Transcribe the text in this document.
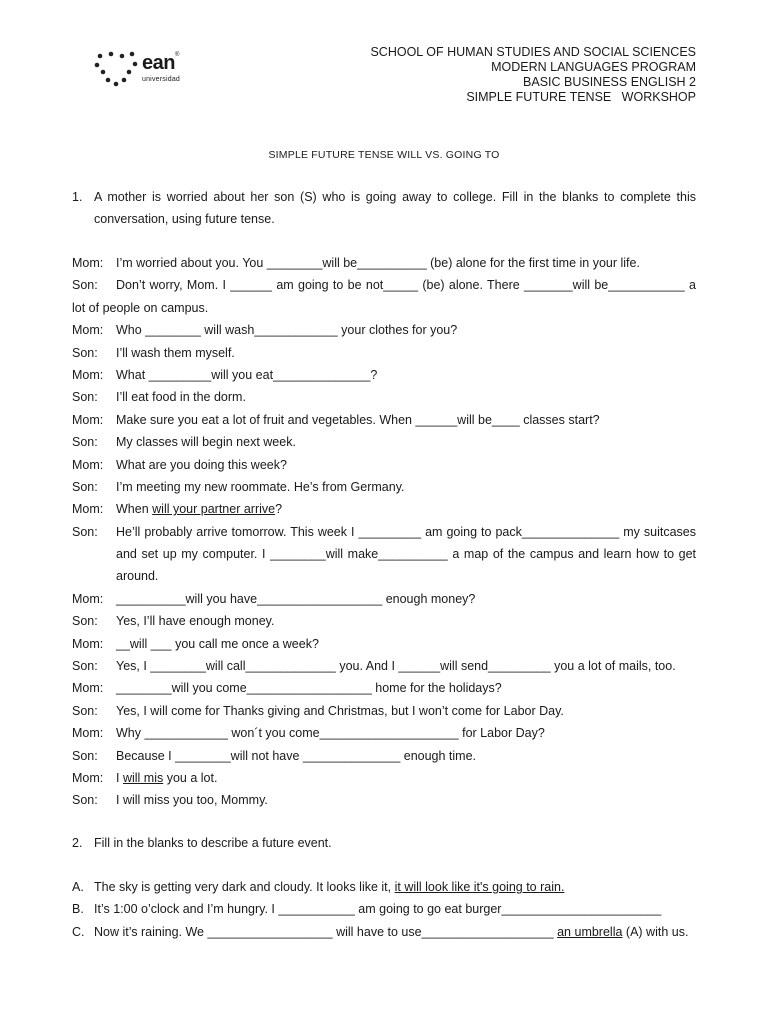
ean®
universidad
SCHOOL OF HUMAN STUDIES AND SOCIAL SCIENCES
MODERN LANGUAGES PROGRAM
BASIC BUSINESS ENGLISH 2
SIMPLE FUTURE TENSE   WORKSHOP
SIMPLE FUTURE TENSE WILL VS. GOING TO
1. A mother is worried about her son (S) who is going away to college. Fill in the blanks to complete this conversation, using future tense.
Mom: I’m worried about you. You ________will be__________ (be) alone for the first time in your life.
Son: Don’t worry, Mom. I ______ am going to be not_____ (be) alone. There _______will be___________ a
lot of people on campus.
Mom: Who ________ will wash____________ your clothes for you?
Son: I’ll wash them myself.
Mom: What _________will you eat______________?
Son: I’ll eat food in the dorm.
Mom: Make sure you eat a lot of fruit and vegetables. When ______will be____ classes start?
Son: My classes will begin next week.
Mom: What are you doing this week?
Son: I’m meeting my new roommate. He’s from Germany.
Mom: When will your partner arrive?
Son: He’ll probably arrive tomorrow. This week I _________ am going to pack______________ my suitcases
and set up my computer. I ________will make__________ a map of the campus and learn how to get
around.
Mom: __________will you have__________________ enough money?
Son: Yes, I’ll have enough money.
Mom: __will ___ you call me once a week?
Son: Yes, I ________will call_____________ you. And I ______will send_________ you a lot of mails, too.
Mom: ________will you come__________________ home for the holidays?
Son: Yes, I will come for Thanks giving and Christmas, but I won’t come for Labor Day.
Mom: Why ____________ won´t you come____________________ for Labor Day?
Son: Because I ________will not have ______________ enough time.
Mom: I will mis you a lot.
Son: I will miss you too, Mommy.
2. Fill in the blanks to describe a future event.
A. The sky is getting very dark and cloudy. It looks like it, it will look like it's going to rain.
B. It’s 1:00 o’clock and I’m hungry. I ___________ am going to go eat burger_______________________
C. Now it’s raining. We __________________ will have to use___________________ an umbrella (A) with us.
